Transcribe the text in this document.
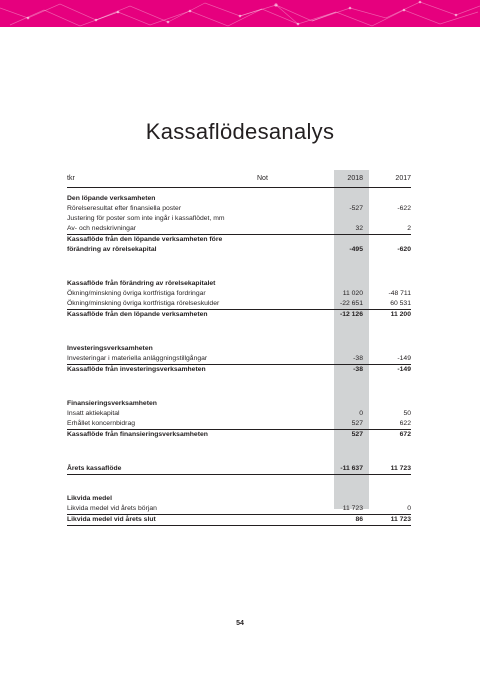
Kassaflödesanalys
tkr	Not	2018	2017
Den löpande verksamheten
Rörelseresultat efter finansiella poster	-527	-622
Justering för poster som inte ingår i kassaflödet, mm
Av- och nedskrivningar	32	2
Kassaflöde från den löpande verksamheten före
förändring av rörelsekapital	-495	-620
Kassaflöde från förändring av rörelsekapitalet
Ökning/minskning övriga kortfristiga fordringar	11 020	-48 711
Ökning/minskning övriga kortfristiga rörelseskulder	-22 651	60 531
Kassaflöde från den löpande verksamheten	-12 126	11 200
Investeringsverksamheten
Investeringar i materiella anläggningstillgångar	-38	-149
Kassaflöde från investeringsverksamheten	-38	-149
Finansieringsverksamheten
Insatt aktiekapital	0	50
Erhållet koncernbidrag	527	622
Kassaflöde från finansieringsverksamheten	527	672
Årets kassaflöde	-11 637	11 723
Likvida medel
Likvida medel vid årets början	11 723	0
Likvida medel vid årets slut	86	11 723
54
